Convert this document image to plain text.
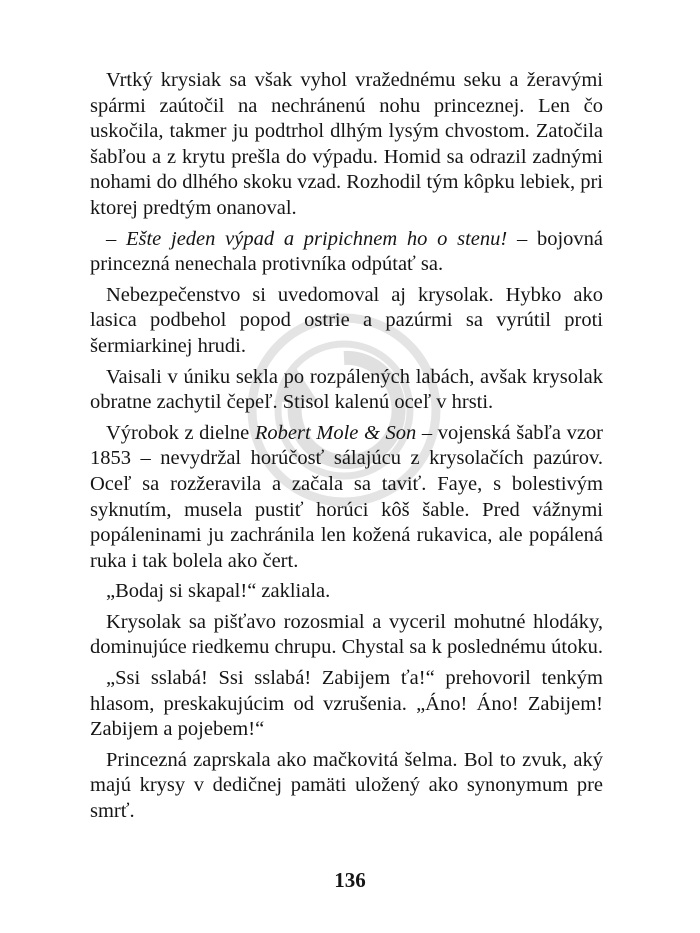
Vrtký krysiak sa však vyhol vražednému seku a žeravými spármi zaútočil na nechránenú nohu princeznej. Len čo uskočila, takmer ju podtrhol dlhým lysým chvostom. Zatočila šabľou a z krytu prešla do výpadu. Homid sa odrazil zadnými nohami do dlhého skoku vzad. Rozhodil tým kôpku lebiek, pri ktorej predtým onanoval.

– Ešte jeden výpad a pripichnem ho o stenu! – bojovná princezná nenechala protivníka odpútať sa.

Nebezpečenstvo si uvedomoval aj krysolak. Hybko ako lasica podbehol popod ostrie a pazúrmi sa vyrútil proti šermiarkinej hrudi.

Vaisali v úniku sekla po rozpálených labách, avšak krysolak obratne zachytil čepeľ. Stisol kalenú oceľ v hrsti.

Výrobok z dielne Robert Mole & Son – vojenská šabľa vzor 1853 – nevydržal horúčosť sálajúcu z krysolačích pazúrov. Oceľ sa rozžeravila a začala sa taviť. Faye, s bolestivým syknutím, musela pustiť horúci kôš šable. Pred vážnymi popáleninami ju zachránila len kožená rukavica, ale popálená ruka i tak bolela ako čert.

„Bodaj si skapal!“ zakliala.

Krysolak sa pišťavo rozosmial a vyceril mohutné hlodáky, dominujúce riedkemu chrupu. Chystal sa k poslednému útoku.

„Ssi sslabá! Ssi sslabá! Zabijem ťa!“ prehovoril tenkým hlasom, preskakujúcim od vzrušenia. „Áno! Áno! Zabijem! Zabijem a pojebem!“

Princezná zaprskala ako mačkovitá šelma. Bol to zvuk, aký majú krysy v dedičnej pamäti uložený ako synonymum pre smrť.

136
